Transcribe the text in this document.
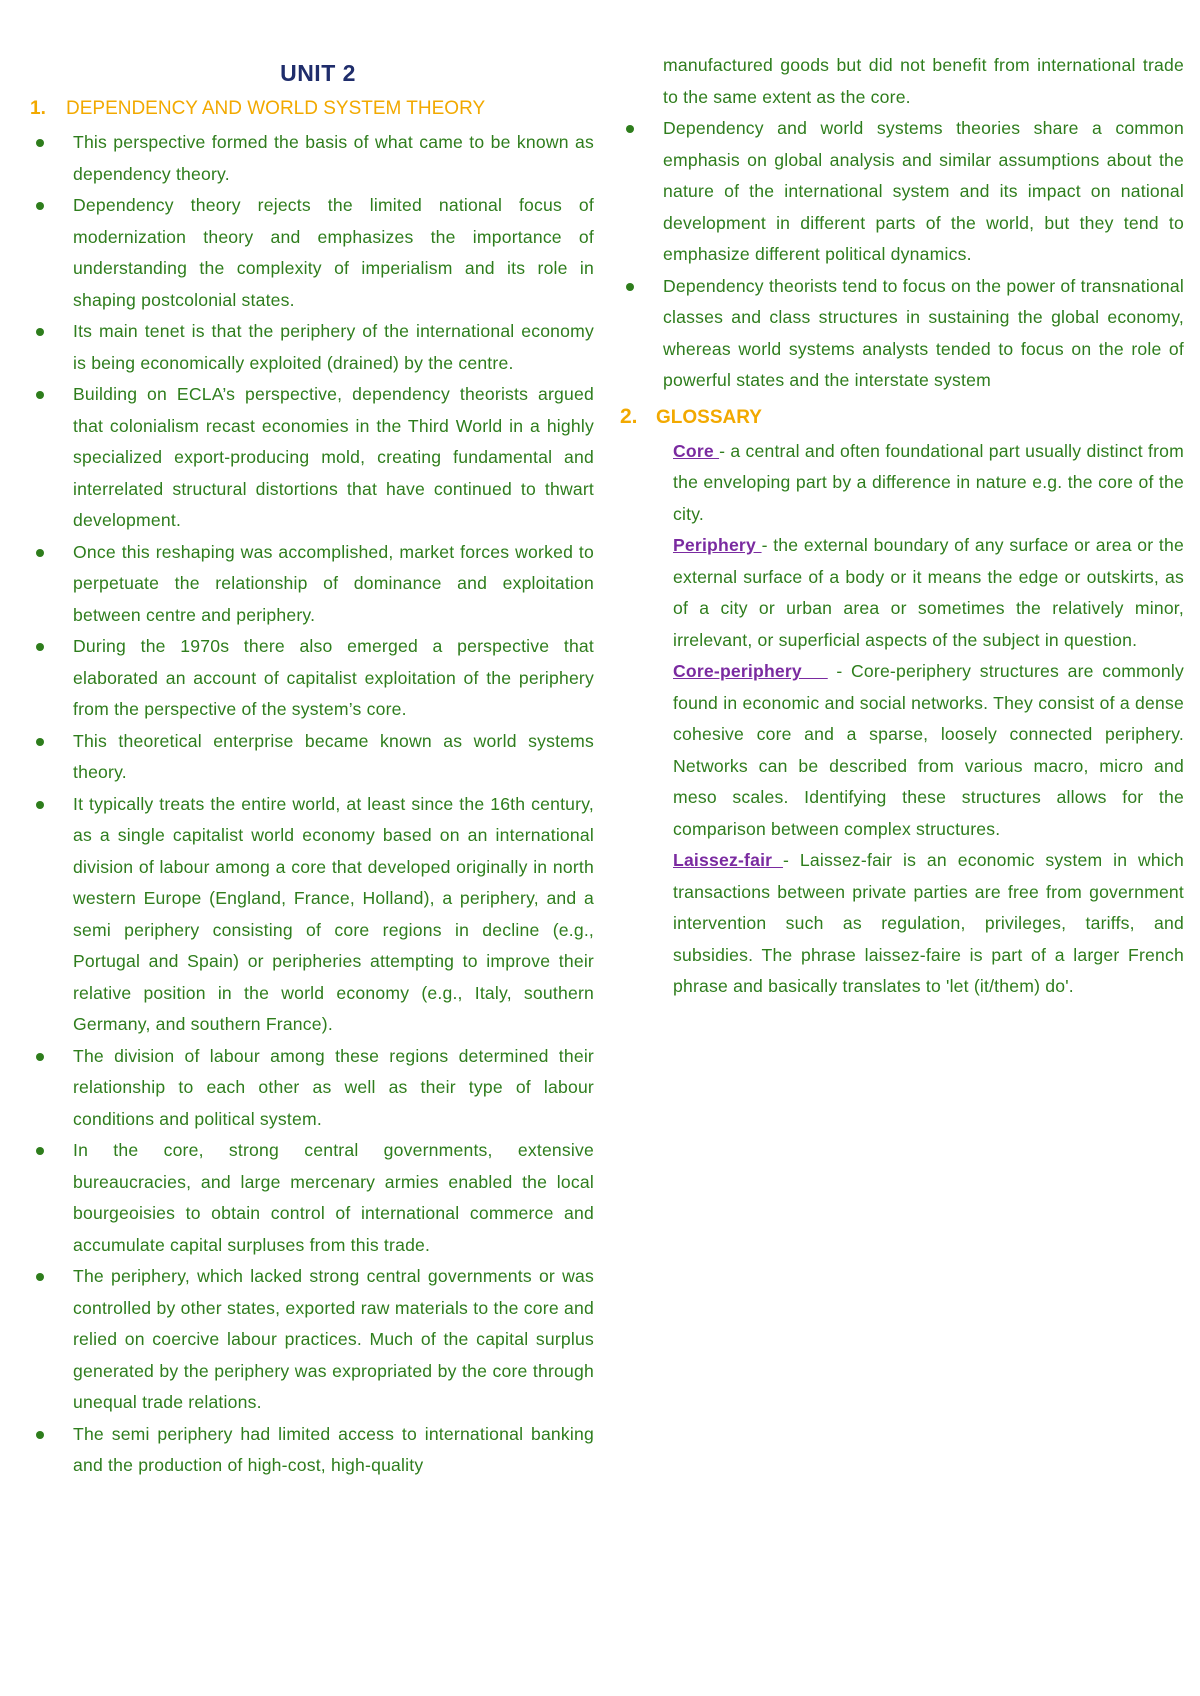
UNIT 2
1.	DEPENDENCY AND WORLD SYSTEM THEORY
This perspective formed the basis of what came to be known as dependency theory.
Dependency theory rejects the limited national focus of modernization theory and emphasizes the importance of understanding the complexity of imperialism and its role in shaping postcolonial states.
Its main tenet is that the periphery of the international economy is being economically exploited (drained) by the centre.
Building on ECLA’s perspective, dependency theorists argued that colonialism recast economies in the Third World in a highly specialized export-producing mold, creating fundamental and interrelated structural distortions that have continued to thwart development.
Once this reshaping was accomplished, market forces worked to perpetuate the relationship of dominance and exploitation between centre and periphery.
During the 1970s there also emerged a perspective that elaborated an account of capitalist exploitation of the periphery from the perspective of the system’s core.
This theoretical enterprise became known as world systems theory.
It typically treats the entire world, at least since the 16th century, as a single capitalist world economy based on an international division of labour among a core that developed originally in north western Europe (England, France, Holland), a periphery, and a semi periphery consisting of core regions in decline (e.g., Portugal and Spain) or peripheries attempting to improve their relative position in the world economy (e.g., Italy, southern Germany, and southern France).
The division of labour among these regions determined their relationship to each other as well as their type of labour conditions and political system.
In the core, strong central governments, extensive bureaucracies, and large mercenary armies enabled the local bourgeoisies to obtain control of international commerce and accumulate capital surpluses from this trade.
The periphery, which lacked strong central governments or was controlled by other states, exported raw materials to the core and relied on coercive labour practices. Much of the capital surplus generated by the periphery was expropriated by the core through unequal trade relations.
The semi periphery had limited access to international banking and the production of high-cost, high-quality
manufactured goods but did not benefit from international trade to the same extent as the core.
Dependency and world systems theories share a common emphasis on global analysis and similar assumptions about the nature of the international system and its impact on national development in different parts of the world, but they tend to emphasize different political dynamics.
Dependency theorists tend to focus on the power of transnational classes and class structures in sustaining the global economy, whereas world systems analysts tended to focus on the role of powerful states and the interstate system
2. GLOSSARY

Core - a central and often foundational part usually distinct from the enveloping part by a difference in nature e.g. the core of the city.

Periphery - the external boundary of any surface or area or the external surface of a body or it means the edge or outskirts, as of a city or urban area or sometimes the relatively minor, irrelevant, or superficial aspects of the subject in question.

Core-periphery    - Core-periphery structures are commonly found in economic and social networks. They consist of a dense cohesive core and a sparse, loosely connected periphery. Networks can be described from various macro, micro and meso scales. Identifying these structures allows for the comparison between complex structures.

Laissez-fair - Laissez-fair is an economic system in which transactions between private parties are free from government intervention such as regulation, privileges, tariffs, and subsidies. The phrase laissez-faire is part of a larger French phrase and basically translates to 'let (it/them) do'.
